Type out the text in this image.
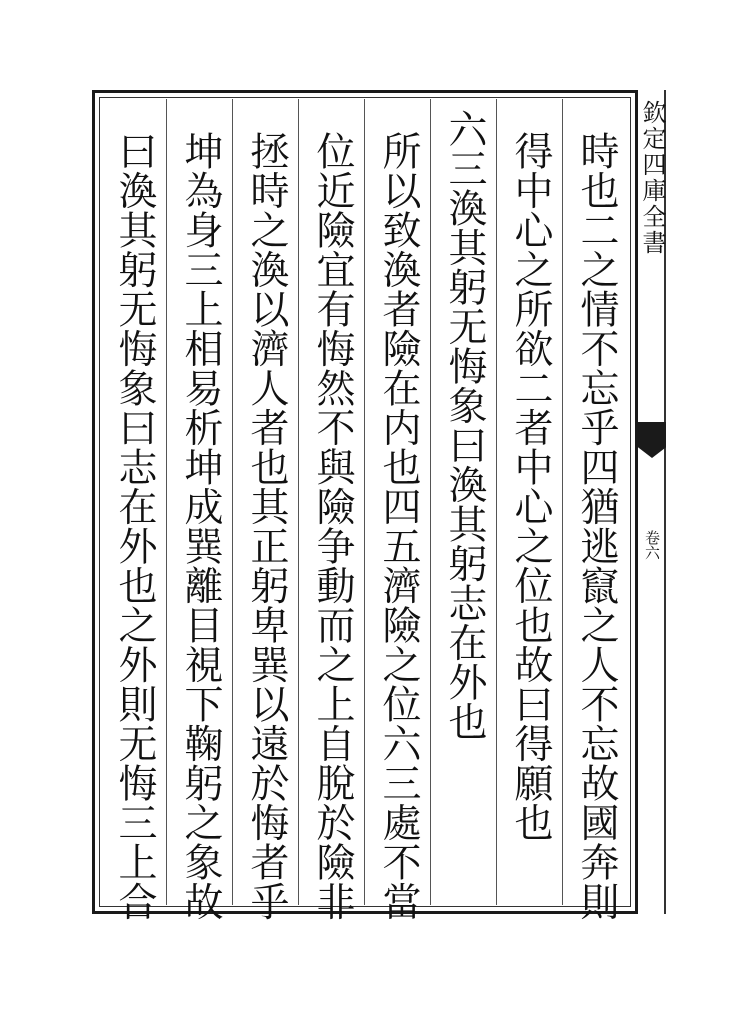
時也二之情不忘乎四猶逃竄之人不忘故國奔則
得中心之所欲二者中心之位也故曰得願也
六三渙其躬无悔象曰渙其躬志在外也
所以致渙者險在内也四五濟險之位六三處不當
位近險宜有悔然不與險争動而之上自脫於險非
拯時之渙以濟人者也其正躬卑巽以遠於悔者乎
坤為身三上相易析坤成巽離目視下鞠躬之象故
曰渙其躬无悔象曰志在外也之外則无悔三上合	欽定四庫全書
卷六
